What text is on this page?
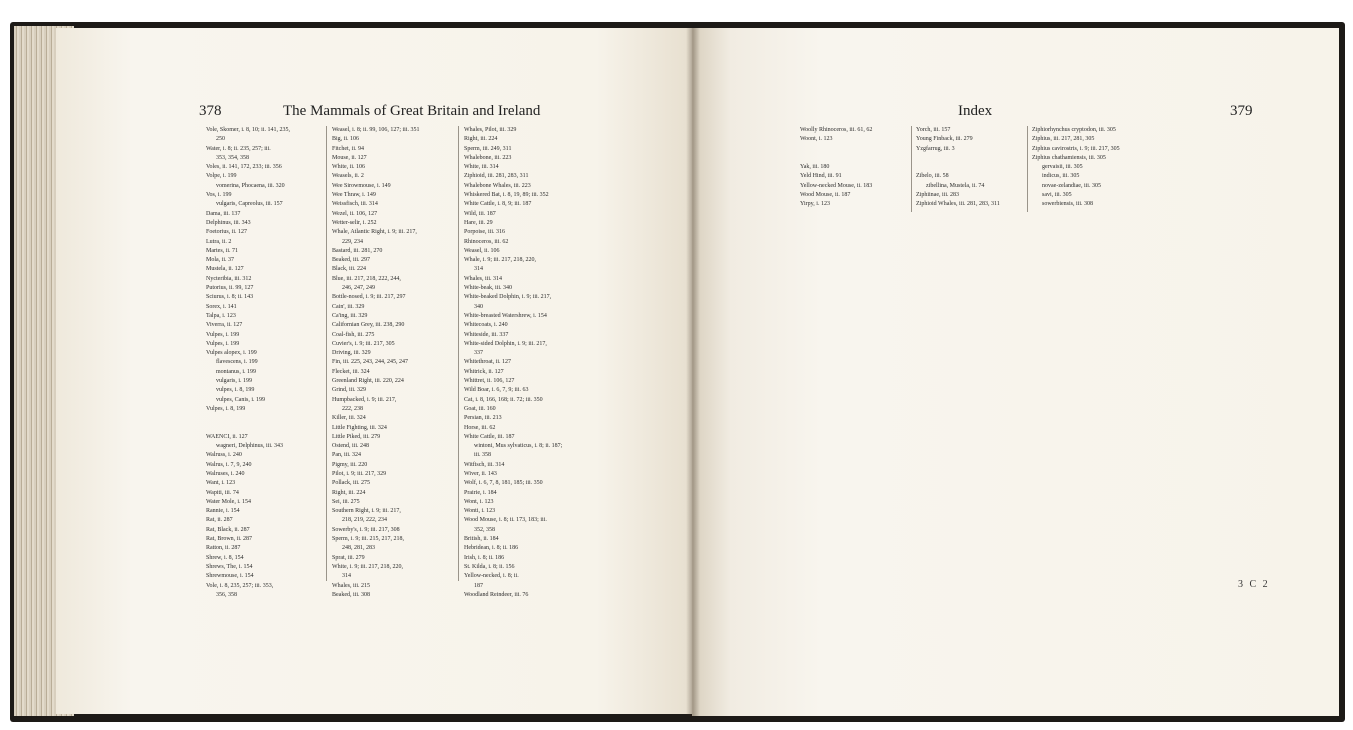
378	The Mammals of Great Britain and Ireland	Index	379
Vole, Skomer, i. 8, 10; ii. 141, 235,
250
Water, i. 8; ii. 235, 257; iii.
353, 354, 358
Voles, ii. 141, 172, 233; iii. 356
Volpe, i. 199
vomerina, Phocaena, iii. 320
Vos, i. 199
vulgaris, Capreolus, iii. 157
Dama, iii. 137
Delphinus, iii. 343
Foetorius, ii. 127
Lutra, ii. 2
Martes, ii. 71
Mola, ii. 37
Mustela, ii. 127
Nycteribia, iii. 312
Putorius, ii. 99, 127
Sciurus, i. 8; ii. 143
Sorex, i. 141
Talpa, i. 123
Viverra, ii. 127
Vulpes, i. 199
Vulpes, i. 199
Vulpes alopex, i. 199
flavescens, i. 199
montanus, i. 199
vulgaris, i. 199
vulpes, i. 8, 199
vulpes, Canis, i. 199
Vulpes, i. 8, 199

WAENCI, ii. 127
wagneri, Delphinus, iii. 343
Walruss, i. 240
Walrus, i. 7, 9, 240
Walruses, i. 240
Want, i. 123
Wapiti, iii. 74
Water Mole, i. 154
Rannie, i. 154
Rat, ii. 287
Rat, Black, ii. 287
Rat, Brown, ii. 287
Ratton, ii. 287
Shrew, i. 8, 154
Shrews, The, i. 154
Shrewmouse, i. 154
Vole, i. 8, 235, 257; iii. 353,
356, 358
Weasel, i. 8; ii. 99, 106, 127; iii. 351
Big, ii. 106
Fitchet, ii. 94
Mouse, ii. 127
White, ii. 106
Weasels, ii. 2
Wee Sirowmouse, i. 149
Wee Thraw, i. 149
Weissfisch, iii. 314
Wezel, ii. 106, 127
Wetter-selir, i. 252
Whale, Atlantic Right, i. 9; iii. 217,
229, 234
Bastard, iii. 281, 270
Beaked, iii. 297
Black, iii. 224
Blue, iii. 217, 218, 222, 244,
246, 247, 249
Bottle-nosed, i. 9; iii. 217, 297
Cain', iii. 329
Ca'ing, iii. 329
Californian Grey, iii. 238, 290
Coal-fish, iii. 275
Cuvier's, i. 9; iii. 217, 305
Driving, iii. 329
Fin, iii. 225, 243, 244, 245, 247
Flecket, iii. 324
Greenland Right, iii. 220, 224
Grind, iii. 329
Humpbacked, i. 9; iii. 217,
222, 238
Killer, iii. 324
Little Fighting, iii. 324
Little Piked, iii. 279
Ostend, iii. 248
Pan, iii. 324
Pigmy, iii. 220
Pilot, i. 9; iii. 217, 329
Pollack, iii. 275
Right, iii. 224
Sei, iii. 275
Southern Right, i. 9; iii. 217,
218, 219, 222, 234
Sowerby's, i. 9; iii. 217, 308
Sperm, i. 9; iii. 215, 217, 218,
248, 281, 283
Sprat, iii. 279
White, i. 9; iii. 217, 218, 220,
314
Whales, iii. 215
Beaked, iii. 308
Whales, Pilot, iii. 329
Right, iii. 224
Sperm, iii. 249, 311
Whalebone, iii. 223
White, iii. 314
Ziphioid, iii. 281, 283, 311
Whalebone Whales, iii. 223
Whiskered Bat, i. 8, 19, 89; iii. 352
White Cattle, i. 8, 9; iii. 187
Wild, iii. 187
Hare, iii. 29
Porpoise, iii. 316
Rhinoceros, iii. 62
Weasel, ii. 106
Whale, i. 9; iii. 217, 218, 220,
314
Whales, iii. 314
White-beak, iii. 340
White-beaked Dolphin, i. 9; iii. 217,
340
White-breasted Watershrew, i. 154
Whitecoats, i. 240
Whiteside, iii. 337
White-sided Dolphin, i. 9; iii. 217,
337
Whitethroat, ii. 127
Whitrick, ii. 127
Whittret, ii. 106, 127
Wild Boar, i. 6, 7, 9; iii. 63
Cat, i. 8, 166, 168; ii. 72; iii. 350
Goat, iii. 160
Persian, iii. 213
Horse, iii. 62
White Cattle, iii. 187
wintoni, Mus sylvaticus, i. 8; ii. 187;
iii. 358
Witfisch, iii. 314
Wiver, ii. 143
Wolf, i. 6, 7, 8, 181, 185; iii. 350
Prairie, i. 184
Wont, i. 123
Wonti, i. 123
Wood Mouse, i. 8; ii. 173, 183; iii.
352, 358
British, ii. 184
Hebridean, i. 8; ii. 186
Irish, i. 8; ii. 186
St. Kilda, i. 8; ii. 156
Yellow-necked, i. 8; ii.
187
Woodland Reindeer, iii. 76
Woolly Rhinoceros, iii. 61, 62
Woont, i. 123

Yak, iii. 180
Yeld Hind, iii. 91
Yellow-necked Mouse, ii. 183
Wood Mouse, ii. 187
Yirpy, i. 123
Yorch, iii. 157
Young Finback, iii. 279
Yzgfarrug, iii. 3

Zibelo, iii. 58
zibellina, Mustela, ii. 74
Ziphiinae, iii. 283
Ziphioid Whales, iii. 281, 283, 311
Ziphiorhynchus cryptodon, iii. 305
Ziphius, iii. 217, 281, 305
Ziphius cavirostris, i. 9; iii. 217, 305
Ziphius chathamiensis, iii. 305
gervaisii, iii. 305
indicus, iii. 305
novae-zelandiae, iii. 305
savi, iii. 305
sowerbiensis, iii. 308
3 C 2
